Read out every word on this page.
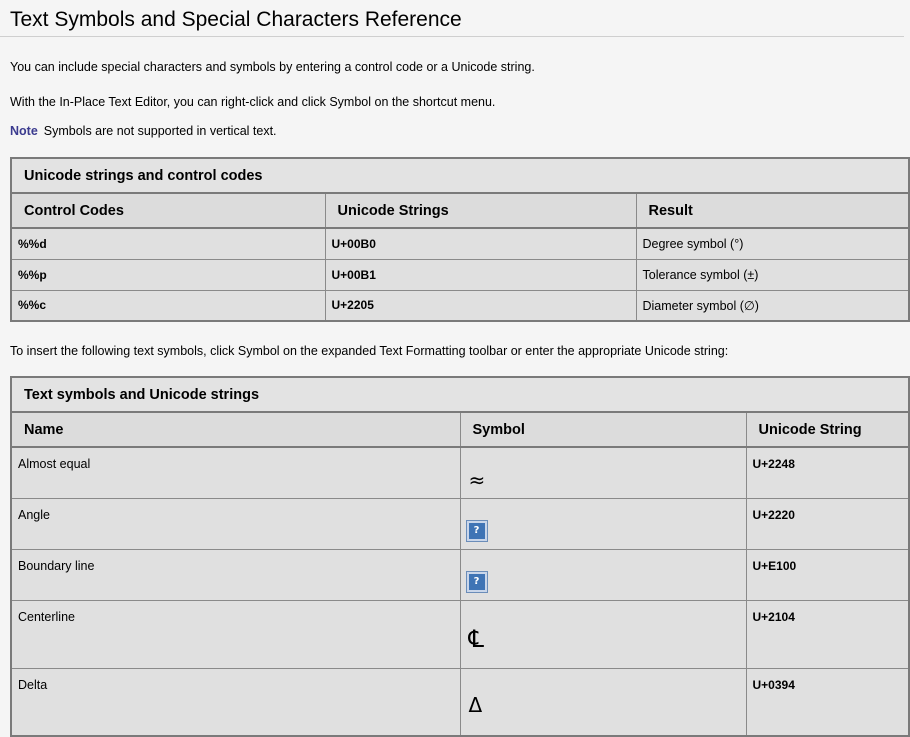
Text Symbols and Special Characters Reference

You can include special characters and symbols by entering a control code or a Unicode string.

With the In-Place Text Editor, you can right-click and click Symbol on the shortcut menu.

Note Symbols are not supported in vertical text.

Unicode strings and control codes		
Control Codes	Unicode Strings	Result
%%d	U+00B0	Degree symbol (°)
%%p	U+00B1	Tolerance symbol (±)
%%c	U+2205	Diameter symbol (∅)

To insert the following text symbols, click Symbol on the expanded Text Formatting toolbar or enter the appropriate Unicode string:

Text symbols and Unicode strings		
Name	Symbol	Unicode String
Almost equal	≈	U+2248
Angle	?	U+2220
Boundary line	?	U+E100
Centerline	℄	U+2104
Delta	Δ	U+0394
